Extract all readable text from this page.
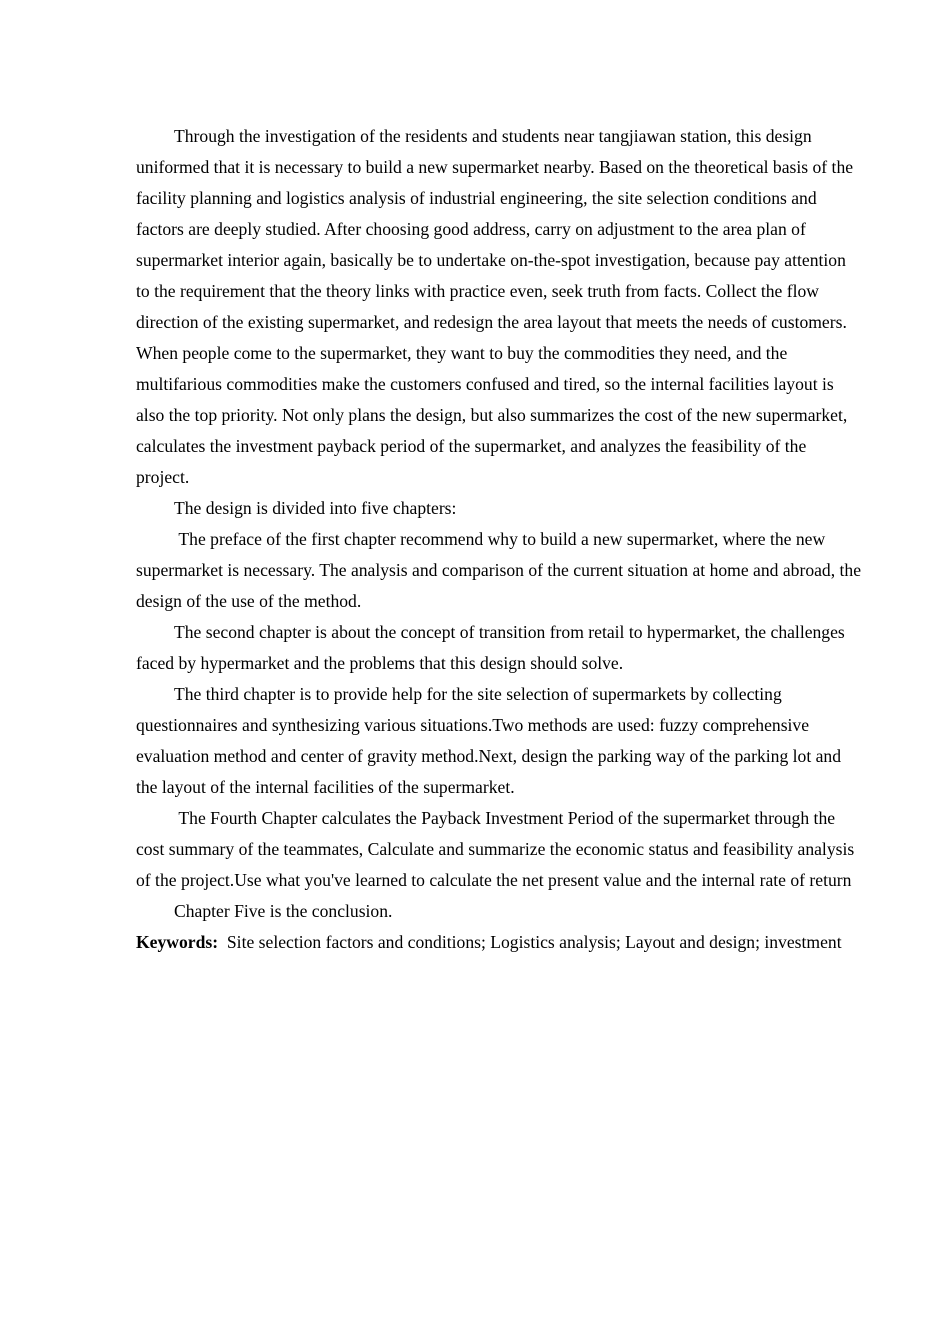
Through the investigation of the residents and students near tangjiawan station, this design uniformed that it is necessary to build a new supermarket nearby. Based on the theoretical basis of the facility planning and logistics analysis of industrial engineering, the site selection conditions and factors are deeply studied. After choosing good address, carry on adjustment to the area plan of supermarket interior again, basically be to undertake on-the-spot investigation, because pay attention to the requirement that the theory links with practice even, seek truth from facts. Collect the flow direction of the existing supermarket, and redesign the area layout that meets the needs of customers. When people come to the supermarket, they want to buy the commodities they need, and the multifarious commodities make the customers confused and tired, so the internal facilities layout is also the top priority. Not only plans the design, but also summarizes the cost of the new supermarket, calculates the investment payback period of the supermarket, and analyzes the feasibility of the project.

The design is divided into five chapters:

The preface of the first chapter recommend why to build a new supermarket, where the new supermarket is necessary. The analysis and comparison of the current situation at home and abroad, the design of the use of the method.

The second chapter is about the concept of transition from retail to hypermarket, the challenges faced by hypermarket and the problems that this design should solve.

The third chapter is to provide help for the site selection of supermarkets by collecting questionnaires and synthesizing various situations.Two methods are used: fuzzy comprehensive evaluation method and center of gravity method.Next, design the parking way of the parking lot and the layout of the internal facilities of the supermarket.

The Fourth Chapter calculates the Payback Investment Period of the supermarket through the cost summary of the teammates, Calculate and summarize the economic status and feasibility analysis of the project.Use what you've learned to calculate the net present value and the internal rate of return

Chapter Five is the conclusion.

Keywords:  Site selection factors and conditions; Logistics analysis; Layout and design; investment
